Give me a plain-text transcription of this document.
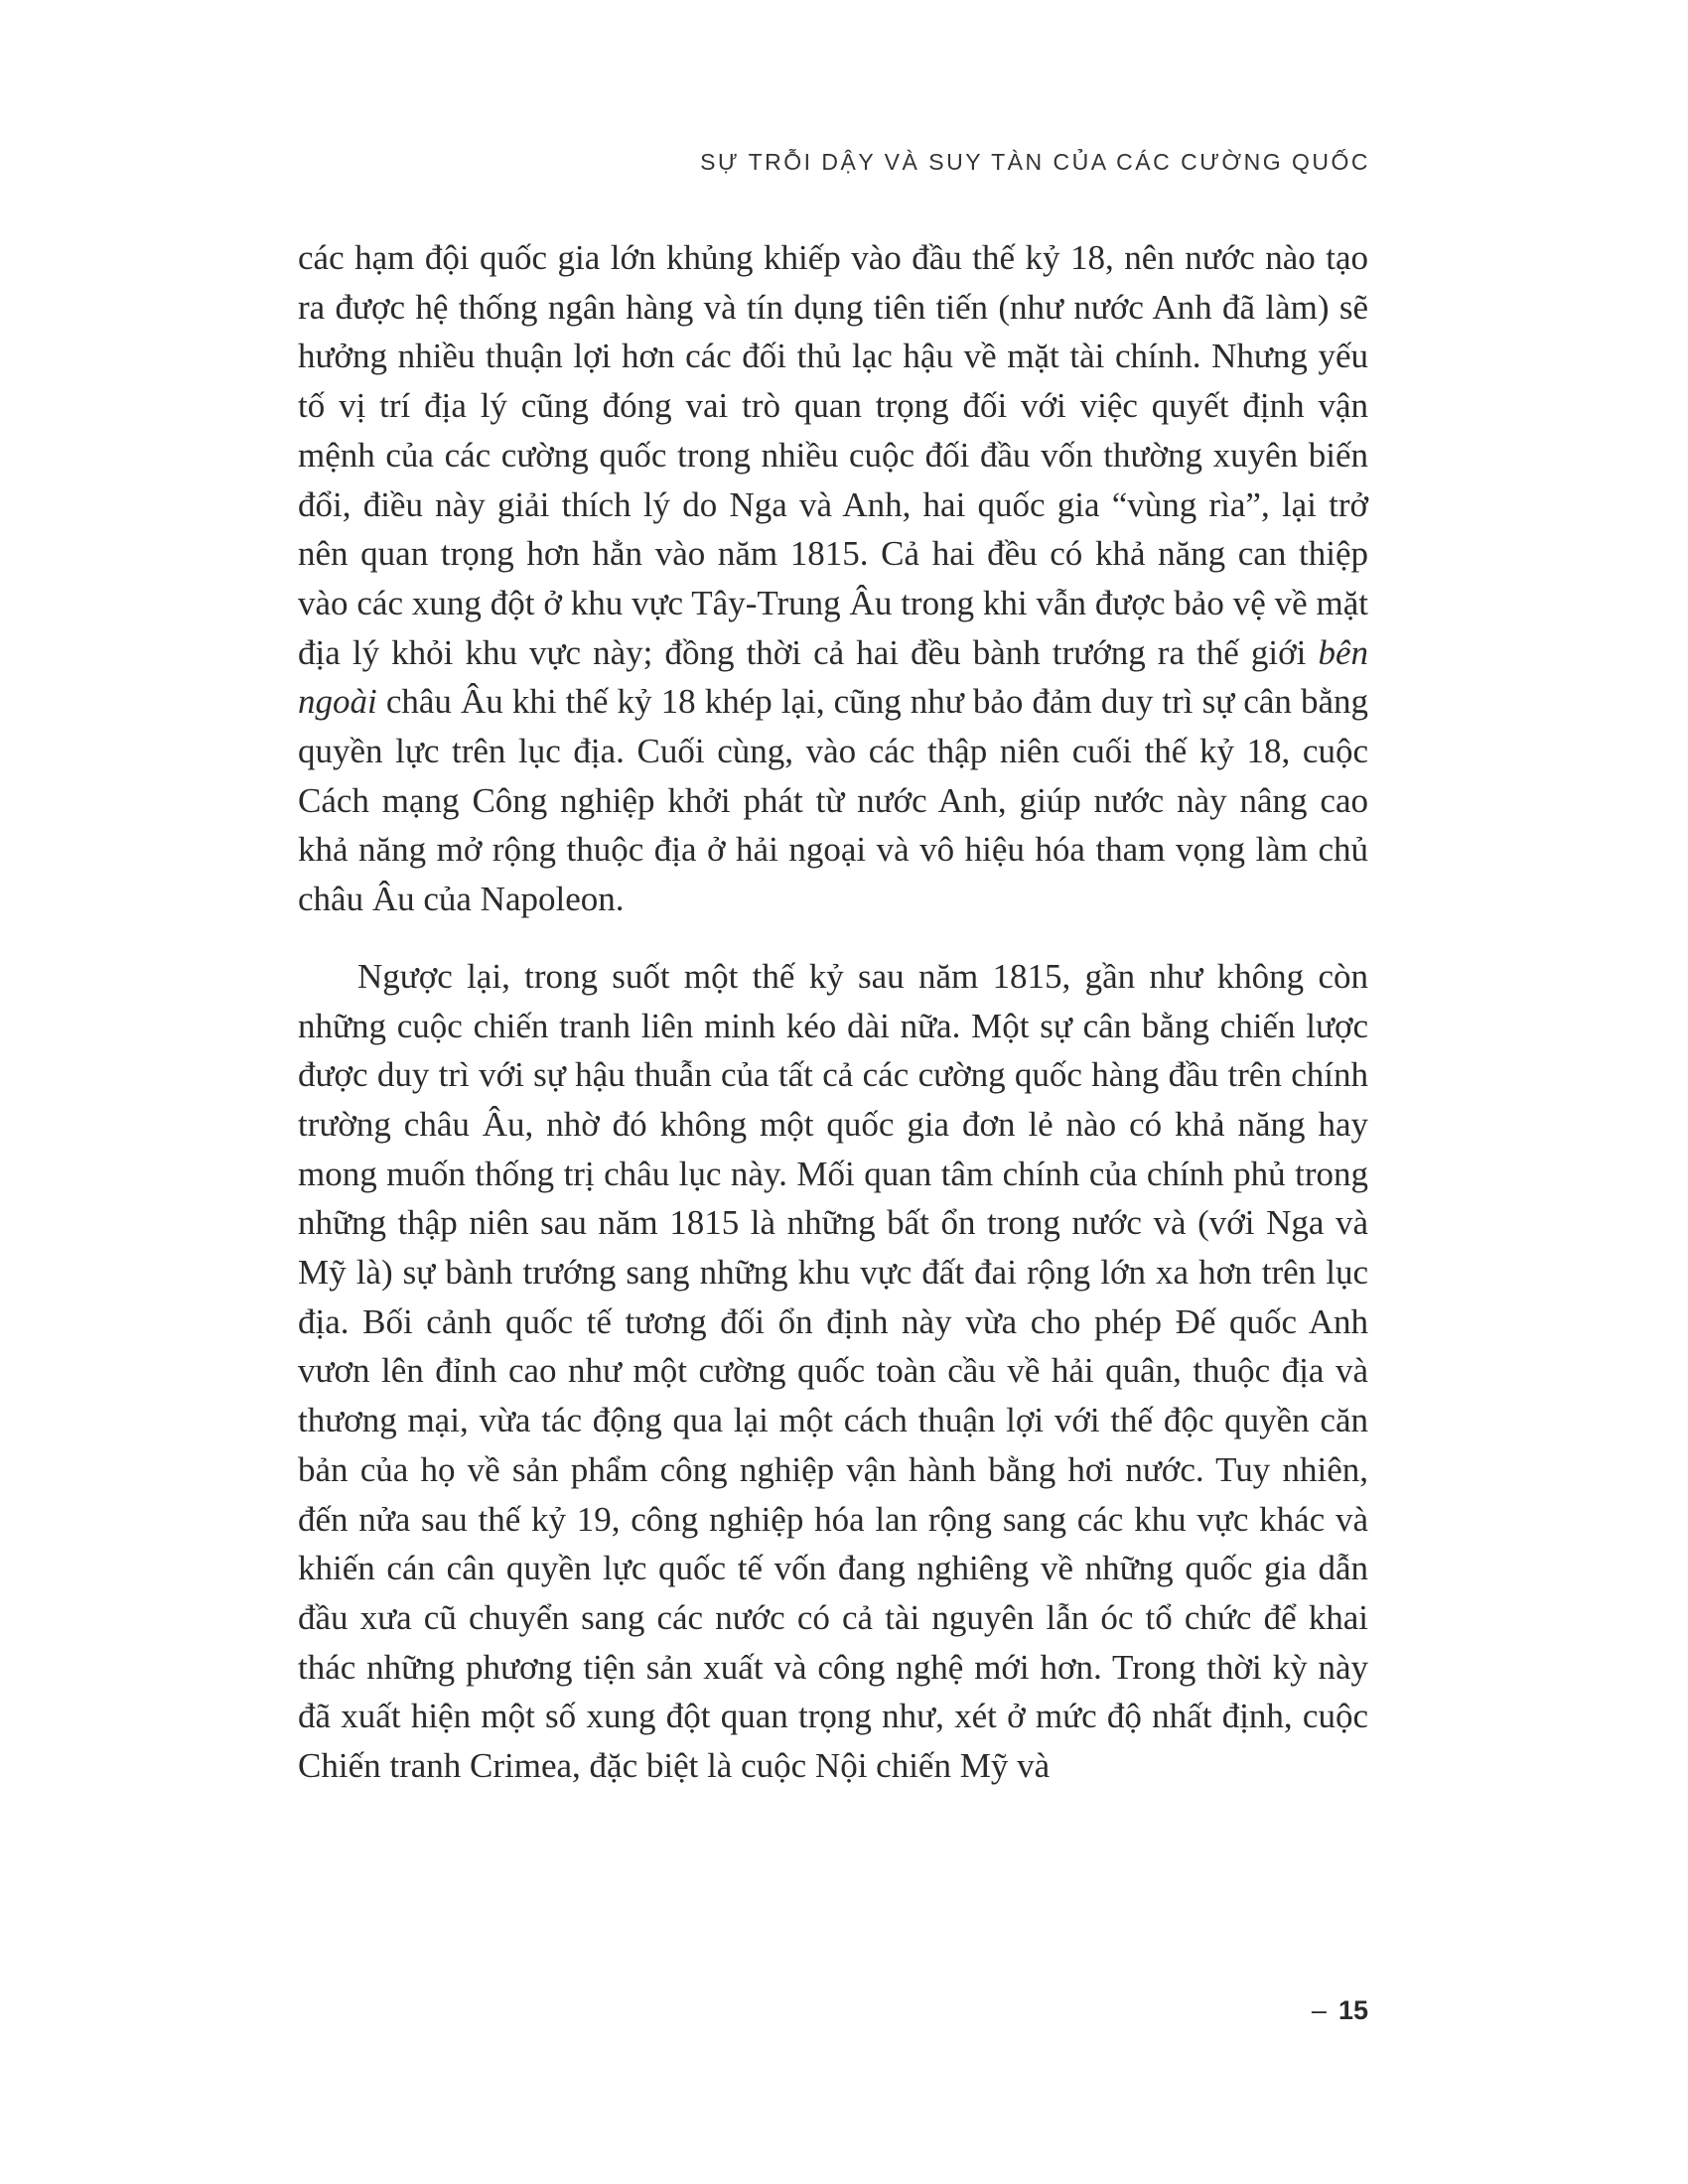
SỰ TRỖI DẬY VÀ SUY TÀN CỦA CÁC CƯỜNG QUỐC

các hạm đội quốc gia lớn khủng khiếp vào đầu thế kỷ 18, nên nước nào tạo ra được hệ thống ngân hàng và tín dụng tiên tiến (như nước Anh đã làm) sẽ hưởng nhiều thuận lợi hơn các đối thủ lạc hậu về mặt tài chính. Nhưng yếu tố vị trí địa lý cũng đóng vai trò quan trọng đối với việc quyết định vận mệnh của các cường quốc trong nhiều cuộc đối đầu vốn thường xuyên biến đổi, điều này giải thích lý do Nga và Anh, hai quốc gia “vùng rìa”, lại trở nên quan trọng hơn hẳn vào năm 1815. Cả hai đều có khả năng can thiệp vào các xung đột ở khu vực Tây-Trung Âu trong khi vẫn được bảo vệ về mặt địa lý khỏi khu vực này; đồng thời cả hai đều bành trướng ra thế giới bên ngoài châu Âu khi thế kỷ 18 khép lại, cũng như bảo đảm duy trì sự cân bằng quyền lực trên lục địa. Cuối cùng, vào các thập niên cuối thế kỷ 18, cuộc Cách mạng Công nghiệp khởi phát từ nước Anh, giúp nước này nâng cao khả năng mở rộng thuộc địa ở hải ngoại và vô hiệu hóa tham vọng làm chủ châu Âu của Napoleon.

Ngược lại, trong suốt một thế kỷ sau năm 1815, gần như không còn những cuộc chiến tranh liên minh kéo dài nữa. Một sự cân bằng chiến lược được duy trì với sự hậu thuẫn của tất cả các cường quốc hàng đầu trên chính trường châu Âu, nhờ đó không một quốc gia đơn lẻ nào có khả năng hay mong muốn thống trị châu lục này. Mối quan tâm chính của chính phủ trong những thập niên sau năm 1815 là những bất ổn trong nước và (với Nga và Mỹ là) sự bành trướng sang những khu vực đất đai rộng lớn xa hơn trên lục địa. Bối cảnh quốc tế tương đối ổn định này vừa cho phép Đế quốc Anh vươn lên đỉnh cao như một cường quốc toàn cầu về hải quân, thuộc địa và thương mại, vừa tác động qua lại một cách thuận lợi với thế độc quyền căn bản của họ về sản phẩm công nghiệp vận hành bằng hơi nước. Tuy nhiên, đến nửa sau thế kỷ 19, công nghiệp hóa lan rộng sang các khu vực khác và khiến cán cân quyền lực quốc tế vốn đang nghiêng về những quốc gia dẫn đầu xưa cũ chuyển sang các nước có cả tài nguyên lẫn óc tổ chức để khai thác những phương tiện sản xuất và công nghệ mới hơn. Trong thời kỳ này đã xuất hiện một số xung đột quan trọng như, xét ở mức độ nhất định, cuộc Chiến tranh Crimea, đặc biệt là cuộc Nội chiến Mỹ và

– 15
